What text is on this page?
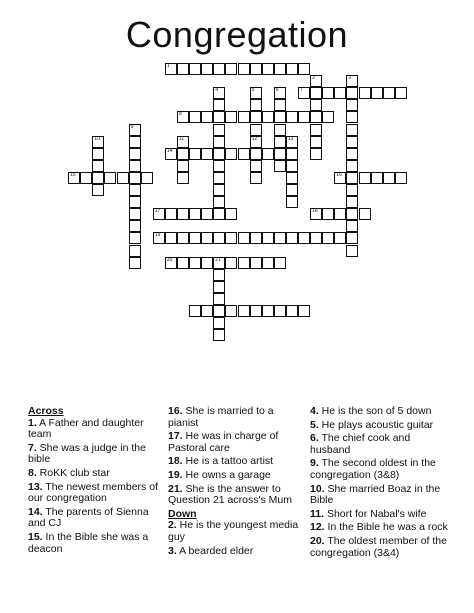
Congregation
1
2	3
4	5	6	7
8
9
10	11	12	13
14
15	16
17	18
19
20	21
Across
1. A Father and daughter team
7. She was a judge in the bible
8. RoKK club star
13. The newest members of our congregation
14. The parents of Sienna and CJ
15. In the Bible she was a deacon
16. She is married to a pianist
17. He was in charge of Pastoral care
18. He is a tattoo artist
19. He owns a garage
21. She is the answer to Question 21 across's Mum
Down
2. He is the youngest media guy
3. A bearded elder
4. He is the son of 5 down
5. He plays acoustic guitar
6. The chief cook and husband
9. The second oldest in the congregation (3&8)
10. She married Boaz in the Bible
11. Short for Nabal's wife
12. In the Bible he was a rock
20. The oldest member of the congregation (3&4)
